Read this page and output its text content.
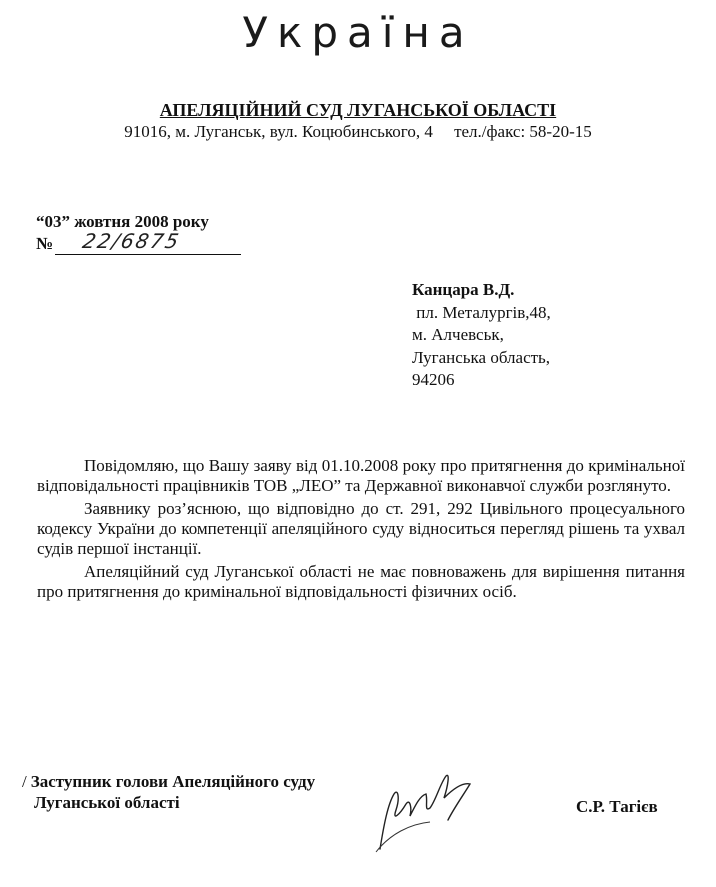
Україна
АПЕЛЯЦІЙНИЙ СУД ЛУГАНСЬКОЇ ОБЛАСТІ
91016, м. Луганськ, вул. Коцюбинського, 4     тел./факс: 58-20-15
“03” жовтня 2008 року
№ 22/6875
Канцара В.Д.
пл. Металургів,48,
м. Алчевськ,
Луганська область,
94206

Повідомляю, що Вашу заяву від 01.10.2008 року про притягнення до кримінальної відповідальності працівників ТОВ „ЛЕО” та Державної виконавчої служби розглянуто.

Заявнику роз’яснюю, що відповідно до ст. 291, 292 Цивільного процесуального кодексу України до компетенції апеляційного суду відноситься перегляд рішень та ухвал судів першої інстанції.

Апеляційний суд Луганської області не має повноважень для вирішення питання про притягнення до кримінальної відповідальності фізичних осіб.

/ Заступник голови Апеляційного суду
Луганської області	С.Р. Тагієв
